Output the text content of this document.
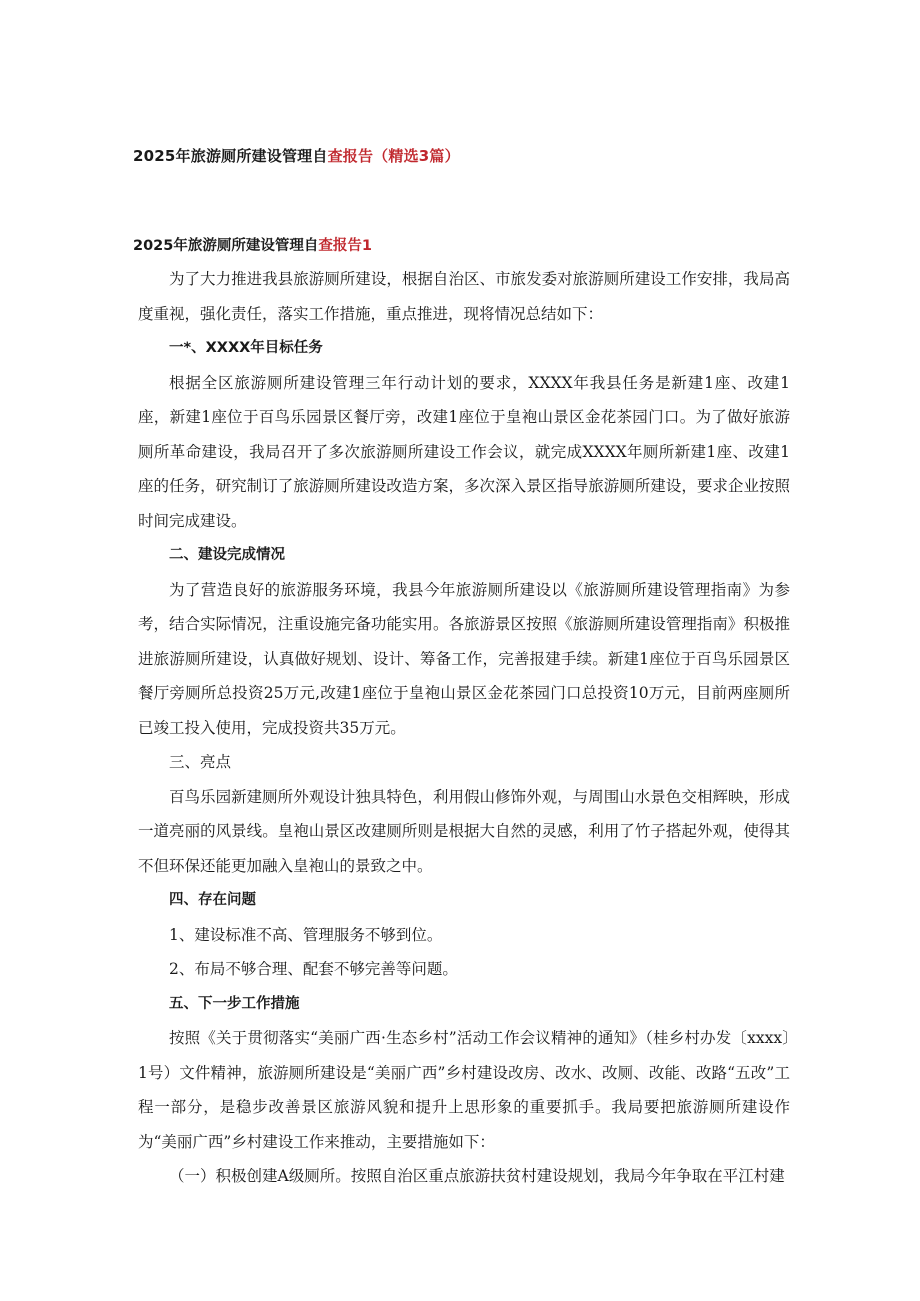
2025年旅游厕所建设管理自查报告（精选3篇）
2025年旅游厕所建设管理自查报告1

为了大力推进我县旅游厕所建设，根据自治区、市旅发委对旅游厕所建设工作安排，我局高度重视，强化责任，落实工作措施，重点推进，现将情况总结如下：

一*、XXXX年目标任务

根据全区旅游厕所建设管理三年行动计划的要求，XXXX年我县任务是新建1座、改建1座，新建1座位于百鸟乐园景区餐厅旁，改建1座位于皇袍山景区金花茶园门口。为了做好旅游厕所革命建设，我局召开了多次旅游厕所建设工作会议，就完成XXXX年厕所新建1座、改建1座的任务，研究制订了旅游厕所建设改造方案，多次深入景区指导旅游厕所建设，要求企业按照时间完成建设。

二、建设完成情况

为了营造良好的旅游服务环境，我县今年旅游厕所建设以《旅游厕所建设管理指南》为参考，结合实际情况，注重设施完备功能实用。各旅游景区按照《旅游厕所建设管理指南》积极推进旅游厕所建设，认真做好规划、设计、筹备工作，完善报建手续。新建1座位于百鸟乐园景区餐厅旁厕所总投资25万元,改建1座位于皇袍山景区金花茶园门口总投资10万元，目前两座厕所已竣工投入使用，完成投资共35万元。

三、亮点

百鸟乐园新建厕所外观设计独具特色，利用假山修饰外观，与周围山水景色交相辉映，形成一道亮丽的风景线。皇袍山景区改建厕所则是根据大自然的灵感，利用了竹子搭起外观，使得其不但环保还能更加融入皇袍山的景致之中。

四、存在问题

1、建设标准不高、管理服务不够到位。

2、布局不够合理、配套不够完善等问题。

五、下一步工作措施

按照《关于贯彻落实“美丽广西·生态乡村”活动工作会议精神的通知》（桂乡村办发〔xxxx〕1号）文件精神，旅游厕所建设是“美丽广西”乡村建设改房、改水、改厕、改能、改路“五改”工程一部分，是稳步改善景区旅游风貌和提升上思形象的重要抓手。我局要把旅游厕所建设作为“美丽广西”乡村建设工作来推动，主要措施如下：

（一）积极创建A级厕所。按照自治区重点旅游扶贫村建设规划，我局今年争取在平江村建
